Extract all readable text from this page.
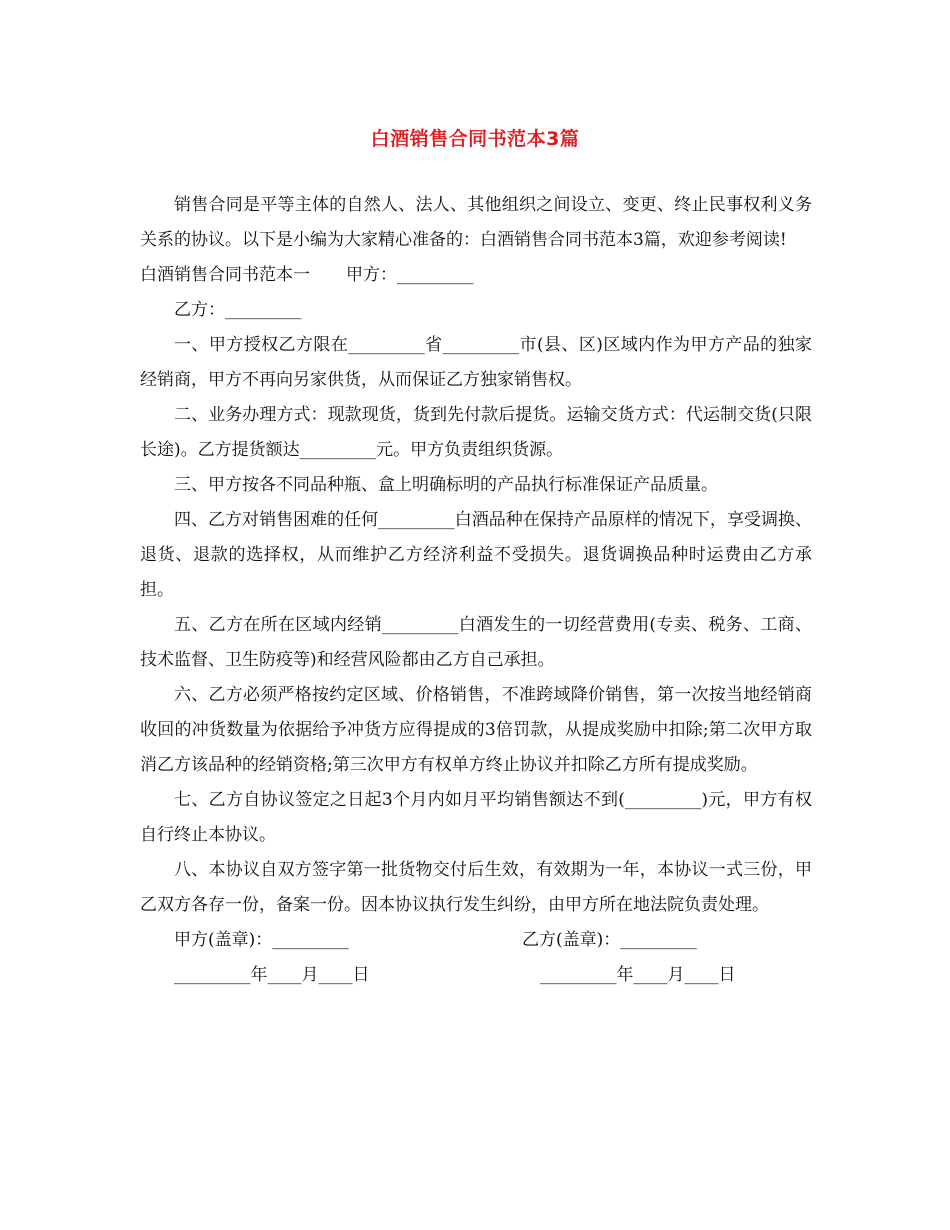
白酒销售合同书范本3篇

销售合同是平等主体的自然人、法人、其他组织之间设立、变更、终止民事权利义务关系的协议。以下是小编为大家精心准备的：白酒销售合同书范本3篇，欢迎参考阅读!

白酒销售合同书范本一 甲方：_________

乙方：_________

一、甲方授权乙方限在_________省_________市(县、区)区域内作为甲方产品的独家经销商，甲方不再向另家供货，从而保证乙方独家销售权。

二、业务办理方式：现款现货，货到先付款后提货。运输交货方式：代运制交货(只限长途)。乙方提货额达_________元。甲方负责组织货源。

三、甲方按各不同品种瓶、盒上明确标明的产品执行标准保证产品质量。

四、乙方对销售困难的任何_________白酒品种在保持产品原样的情况下，享受调换、退货、退款的选择权，从而维护乙方经济利益不受损失。退货调换品种时运费由乙方承担。

五、乙方在所在区域内经销_________白酒发生的一切经营费用(专卖、税务、工商、技术监督、卫生防疫等)和经营风险都由乙方自己承担。

六、乙方必须严格按约定区域、价格销售，不准跨域降价销售，第一次按当地经销商收回的冲货数量为依据给予冲货方应得提成的3倍罚款，从提成奖励中扣除;第二次甲方取消乙方该品种的经销资格;第三次甲方有权单方终止协议并扣除乙方所有提成奖励。

七、乙方自协议签定之日起3个月内如月平均销售额达不到(_________)元，甲方有权自行终止本协议。

八、本协议自双方签字第一批货物交付后生效，有效期为一年，本协议一式三份，甲乙双方各存一份，备案一份。因本协议执行发生纠纷，由甲方所在地法院负责处理。

甲方(盖章)：_________	乙方(盖章)：_________
_________年____月____日	_________年____月____日
